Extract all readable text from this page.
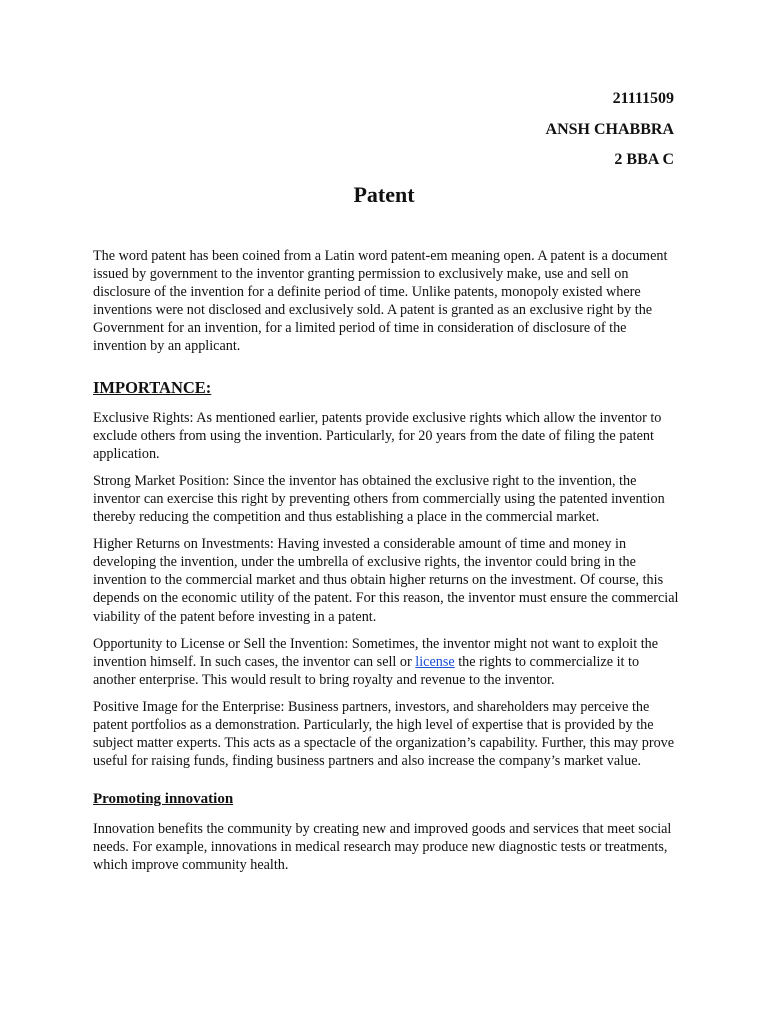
21111509
ANSH CHABBRA
2 BBA C
Patent

The word patent has been coined from a Latin word patent-em meaning open. A patent is a document issued by government to the inventor granting permission to exclusively make, use and sell on disclosure of the invention for a definite period of time. Unlike patents, monopoly existed where inventions were not disclosed and exclusively sold. A patent is granted as an exclusive right by the Government for an invention, for a limited period of time in consideration of disclosure of the invention by an applicant.

IMPORTANCE:

Exclusive Rights: As mentioned earlier, patents provide exclusive rights which allow the inventor to exclude others from using the invention. Particularly, for 20 years from the date of filing the patent application.

Strong Market Position: Since the inventor has obtained the exclusive right to the invention, the inventor can exercise this right by preventing others from commercially using the patented invention thereby reducing the competition and thus establishing a place in the commercial market.

Higher Returns on Investments: Having invested a considerable amount of time and money in developing the invention, under the umbrella of exclusive rights, the inventor could bring in the invention to the commercial market and thus obtain higher returns on the investment. Of course, this depends on the economic utility of the patent. For this reason, the inventor must ensure the commercial viability of the patent before investing in a patent.

Opportunity to License or Sell the Invention: Sometimes, the inventor might not want to exploit the invention himself. In such cases, the inventor can sell or license the rights to commercialize it to another enterprise. This would result to bring royalty and revenue to the inventor.

Positive Image for the Enterprise: Business partners, investors, and shareholders may perceive the patent portfolios as a demonstration. Particularly, the high level of expertise that is provided by the subject matter experts. This acts as a spectacle of the organization’s capability. Further, this may prove useful for raising funds, finding business partners and also increase the company’s market value.

Promoting innovation

Innovation benefits the community by creating new and improved goods and services that meet social needs. For example, innovations in medical research may produce new diagnostic tests or treatments, which improve community health.
